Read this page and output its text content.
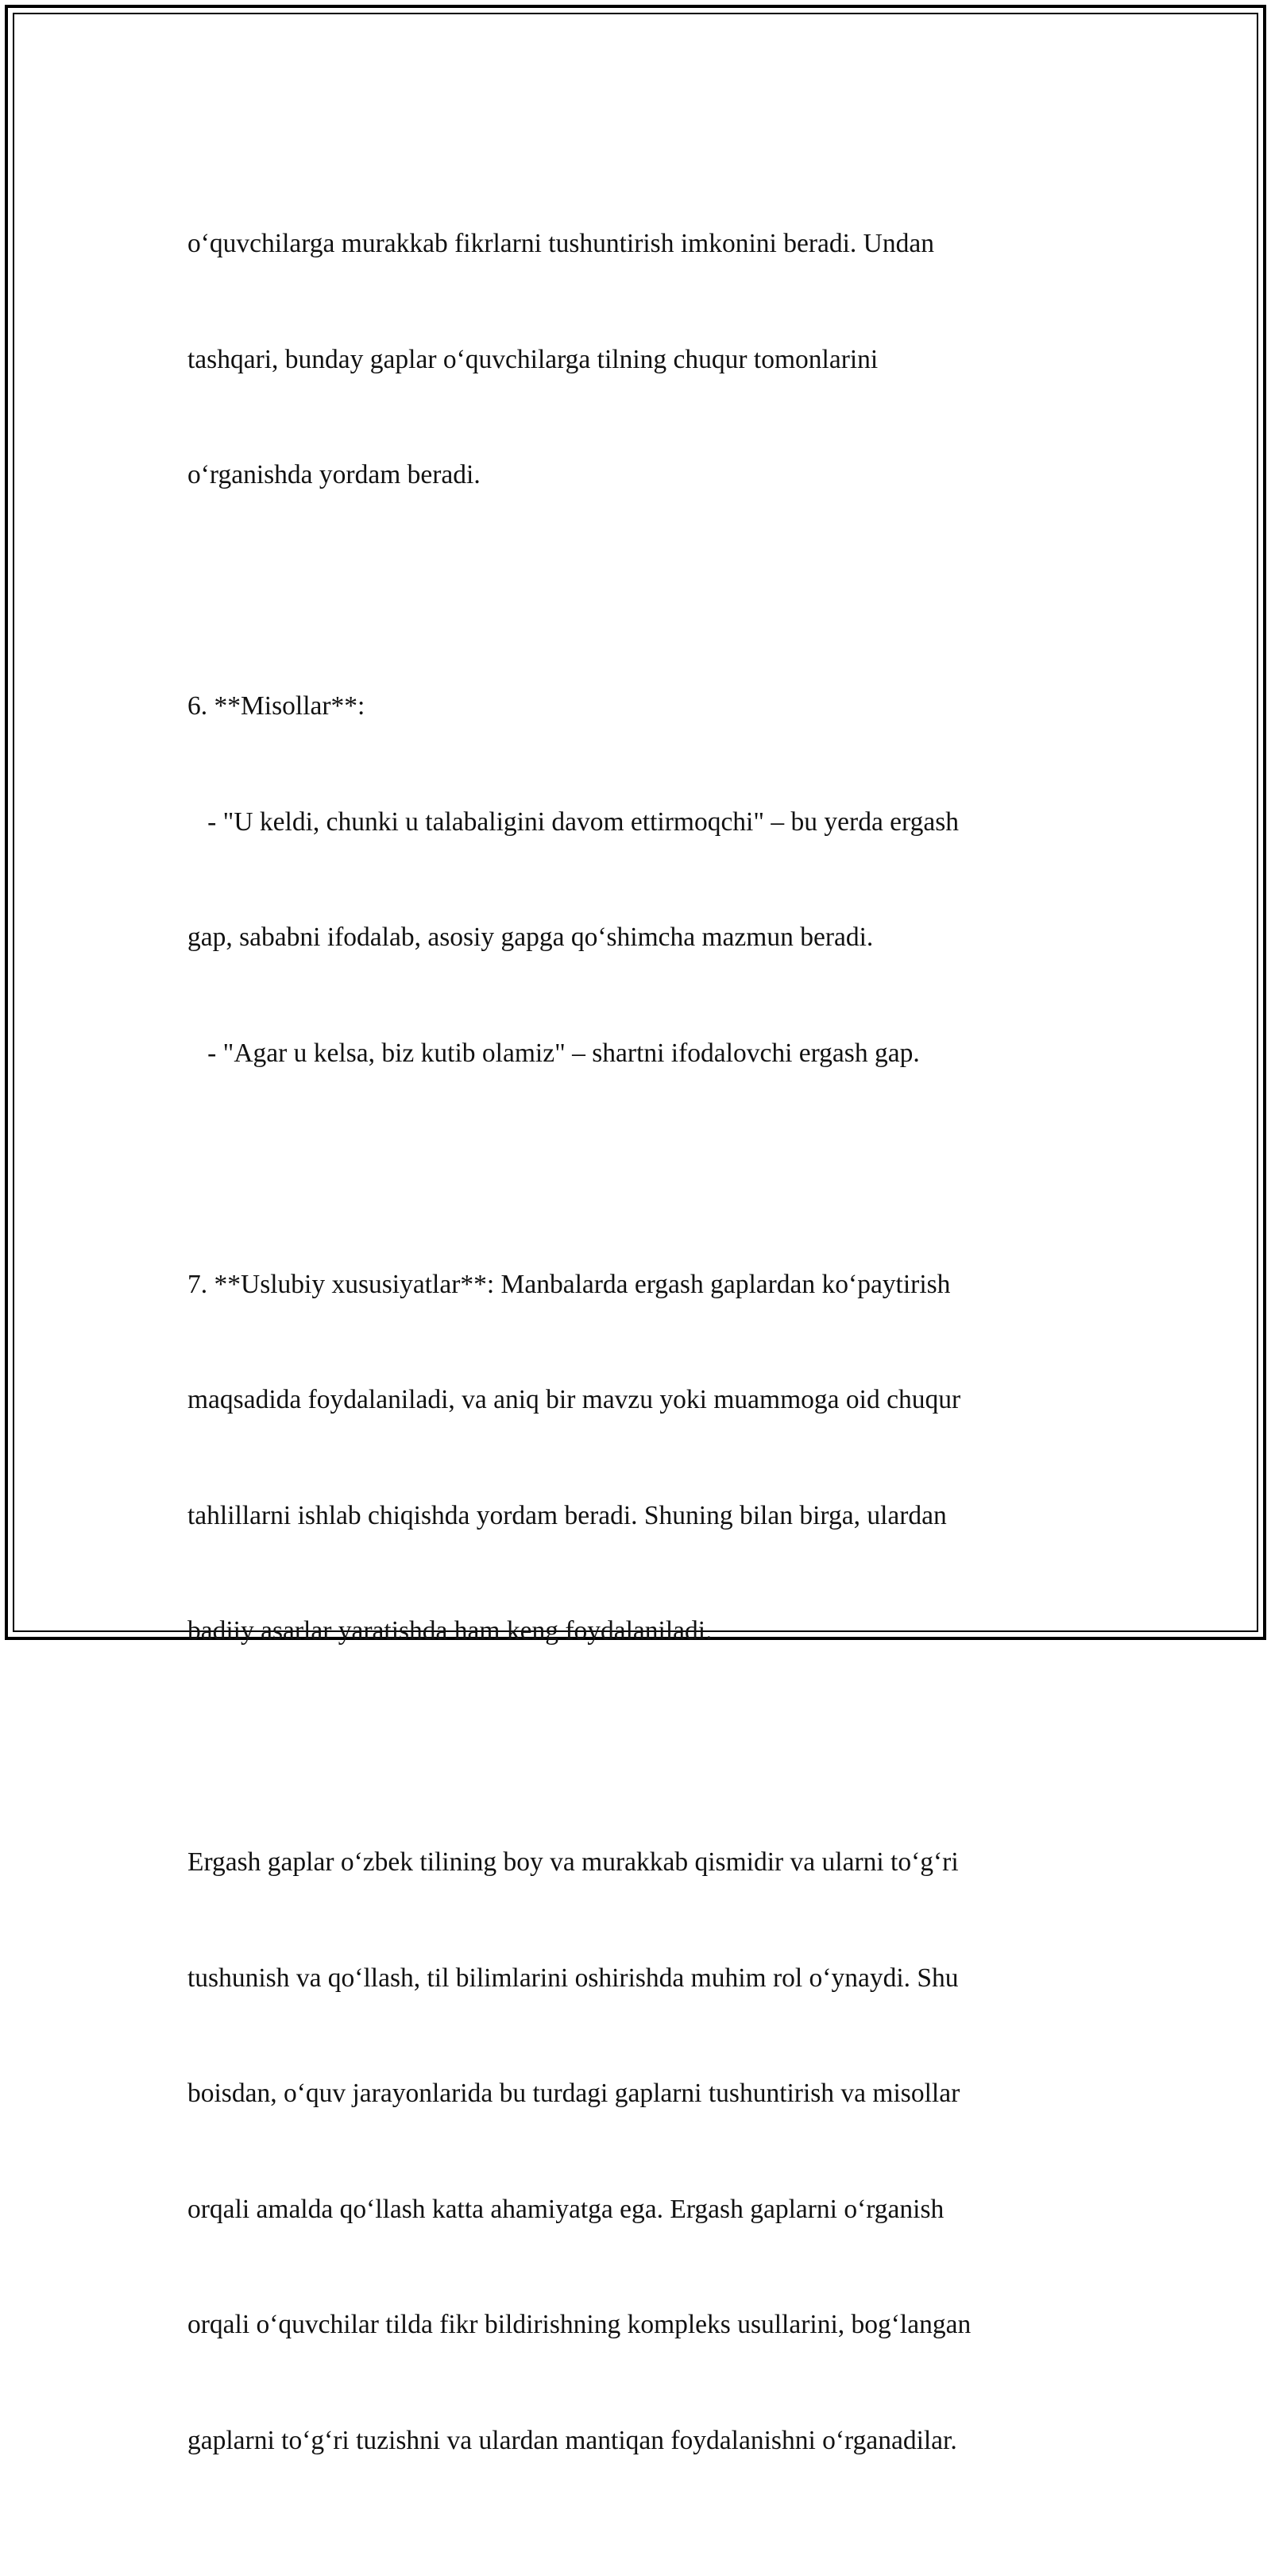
o‘quvchilarga murakkab fikrlarni tushuntirish imkonini beradi. Undan

tashqari, bunday gaplar o‘quvchilarga tilning chuqur tomonlarini

o‘rganishda yordam beradi.

6. **Misollar**:

- "U keldi, chunki u talabaligini davom ettirmoqchi" – bu yerda ergash

gap, sababni ifodalab, asosiy gapga qo‘shimcha mazmun beradi.

- "Agar u kelsa, biz kutib olamiz" – shartni ifodalovchi ergash gap.

7. **Uslubiy xususiyatlar**: Manbalarda ergash gaplardan ko‘paytirish

maqsadida foydalaniladi, va aniq bir mavzu yoki muammoga oid chuqur

tahlillarni ishlab chiqishda yordam beradi. Shuning bilan birga, ulardan

badiiy asarlar yaratishda ham keng foydalaniladi.

Ergash gaplar o‘zbek tilining boy va murakkab qismidir va ularni to‘g‘ri

tushunish va qo‘llash, til bilimlarini oshirishda muhim rol o‘ynaydi. Shu

boisdan, o‘quv jarayonlarida bu turdagi gaplarni tushuntirish va misollar

orqali amalda qo‘llash katta ahamiyatga ega. Ergash gaplarni o‘rganish

orqali o‘quvchilar tilda fikr bildirishning kompleks usullarini, bog‘langan

gaplarni to‘g‘ri tuzishni va ulardan mantiqan foydalanishni o‘rganadilar.
